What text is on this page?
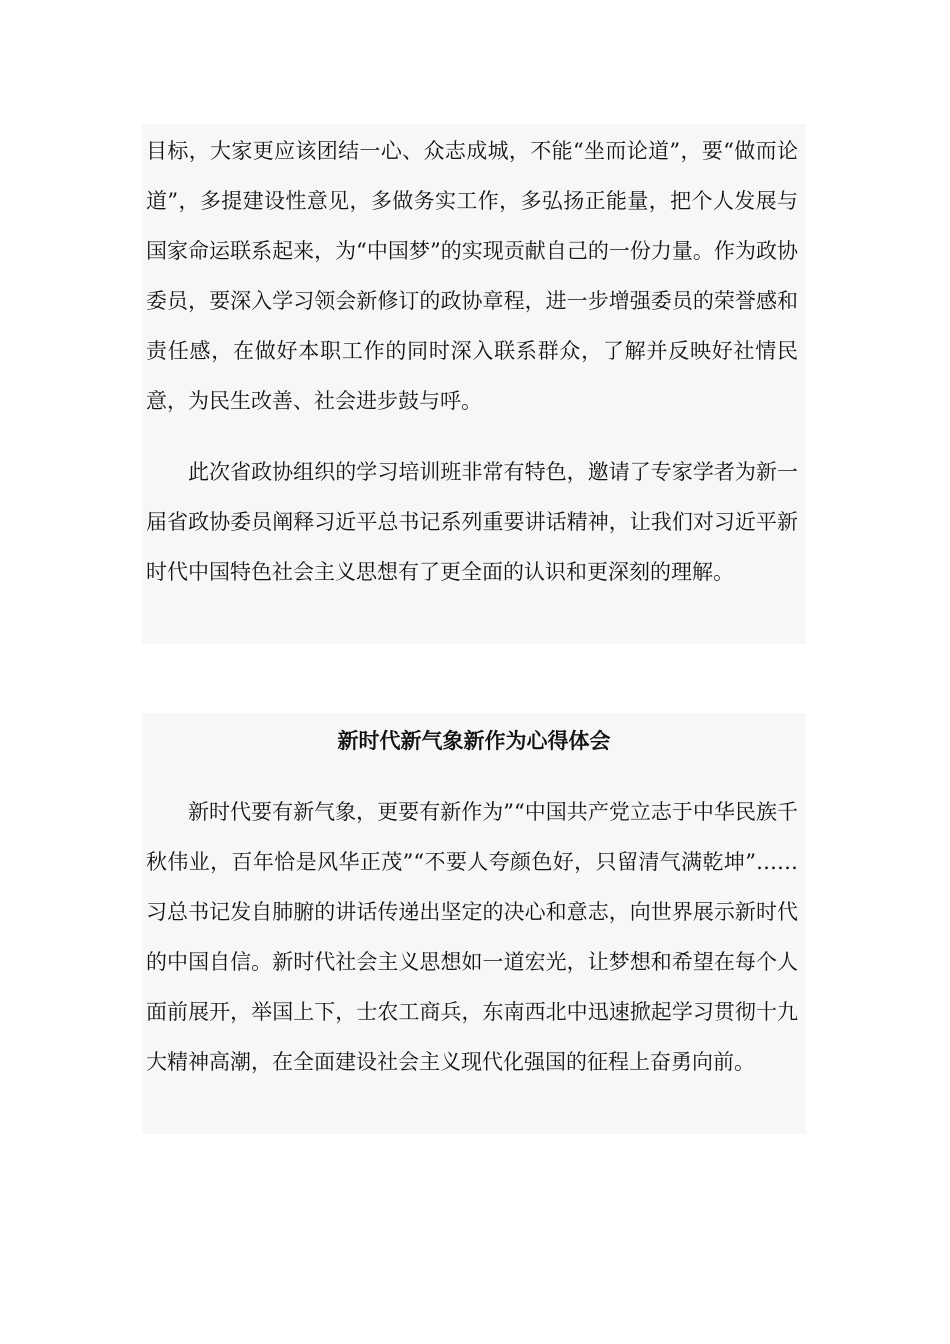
目标，大家更应该团结一心、众志成城，不能“坐而论道”，要“做而论道”，多提建设性意见，多做务实工作，多弘扬正能量，把个人发展与国家命运联系起来，为“中国梦”的实现贡献自己的一份力量。作为政协委员，要深入学习领会新修订的政协章程，进一步增强委员的荣誉感和责任感，在做好本职工作的同时深入联系群众，了解并反映好社情民意，为民生改善、社会进步鼓与呼。

此次省政协组织的学习培训班非常有特色，邀请了专家学者为新一届省政协委员阐释习近平总书记系列重要讲话精神，让我们对习近平新时代中国特色社会主义思想有了更全面的认识和更深刻的理解。

新时代新气象新作为心得体会

新时代要有新气象，更要有新作为”“中国共产党立志于中华民族千秋伟业，百年恰是风华正茂”“不要人夸颜色好，只留清气满乾坤”……习总书记发自肺腑的讲话传递出坚定的决心和意志，向世界展示新时代的中国自信。新时代社会主义思想如一道宏光，让梦想和希望在每个人面前展开，举国上下，士农工商兵，东南西北中迅速掀起学习贯彻十九大精神高潮，在全面建设社会主义现代化强国的征程上奋勇向前。
